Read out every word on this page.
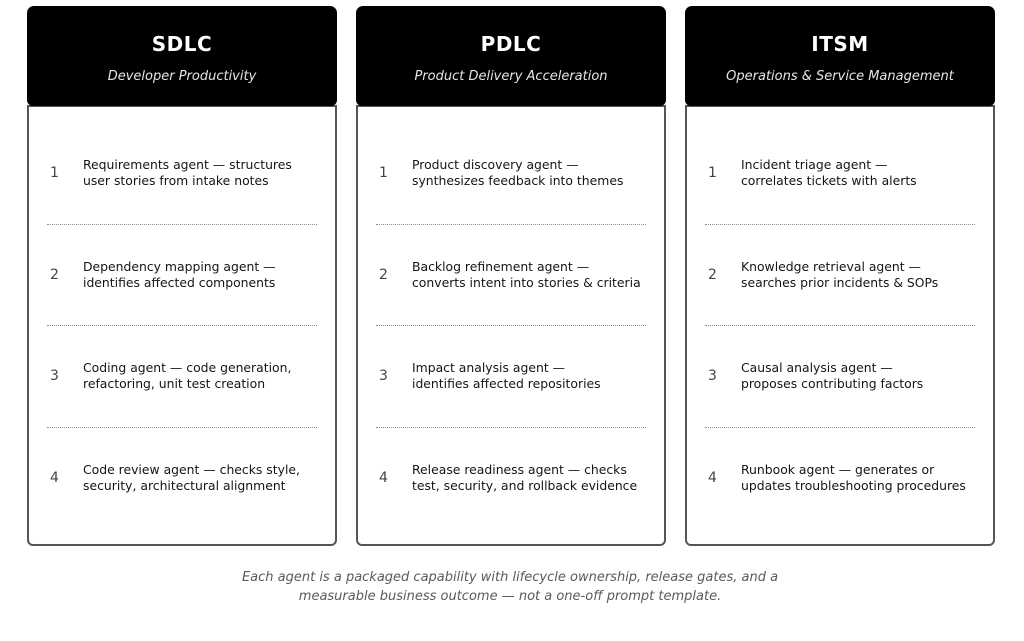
SDLC
Developer Productivity
1
Requirements agent — structures
user stories from intake notes
2
Dependency mapping agent —
identifies affected components
3
Coding agent — code generation,
refactoring, unit test creation
4
Code review agent — checks style,
security, architectural alignment
PDLC
Product Delivery Acceleration
1
Product discovery agent —
synthesizes feedback into themes
2
Backlog refinement agent —
converts intent into stories & criteria
3
Impact analysis agent —
identifies affected repositories
4
Release readiness agent — checks
test, security, and rollback evidence
ITSM
Operations & Service Management
1
Incident triage agent —
correlates tickets with alerts
2
Knowledge retrieval agent —
searches prior incidents & SOPs
3
Causal analysis agent —
proposes contributing factors
4
Runbook agent — generates or
updates troubleshooting procedures
Each agent is a packaged capability with lifecycle ownership, release gates, and a
measurable business outcome — not a one-off prompt template.
